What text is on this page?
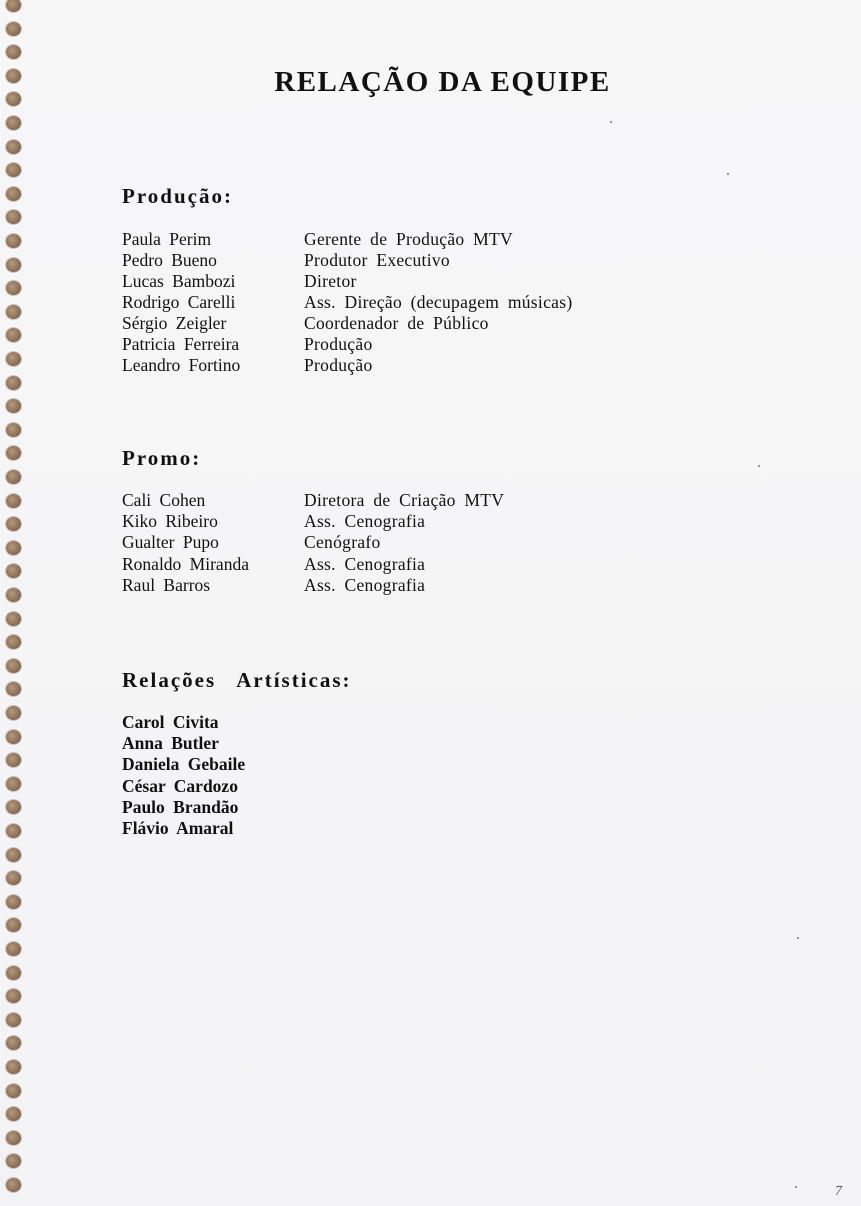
RELAÇÃO DA EQUIPE
Produção:
Paula Perim	Gerente de Produção MTV
Pedro Bueno	Produtor Executivo
Lucas Bambozi	Diretor
Rodrigo Carelli	Ass. Direção (decupagem músicas)
Sérgio Zeigler	Coordenador de Público
Patricia Ferreira	Produção
Leandro Fortino	Produção
Promo:
Cali Cohen	Diretora de Criação MTV
Kiko Ribeiro	Ass. Cenografia
Gualter Pupo	Cenógrafo
Ronaldo Miranda	Ass. Cenografia
Raul Barros	Ass. Cenografia
Relações Artísticas:
Carol Civita
Anna Butler
Daniela Gebaile
César Cardozo
Paulo Brandão
Flávio Amaral
7
